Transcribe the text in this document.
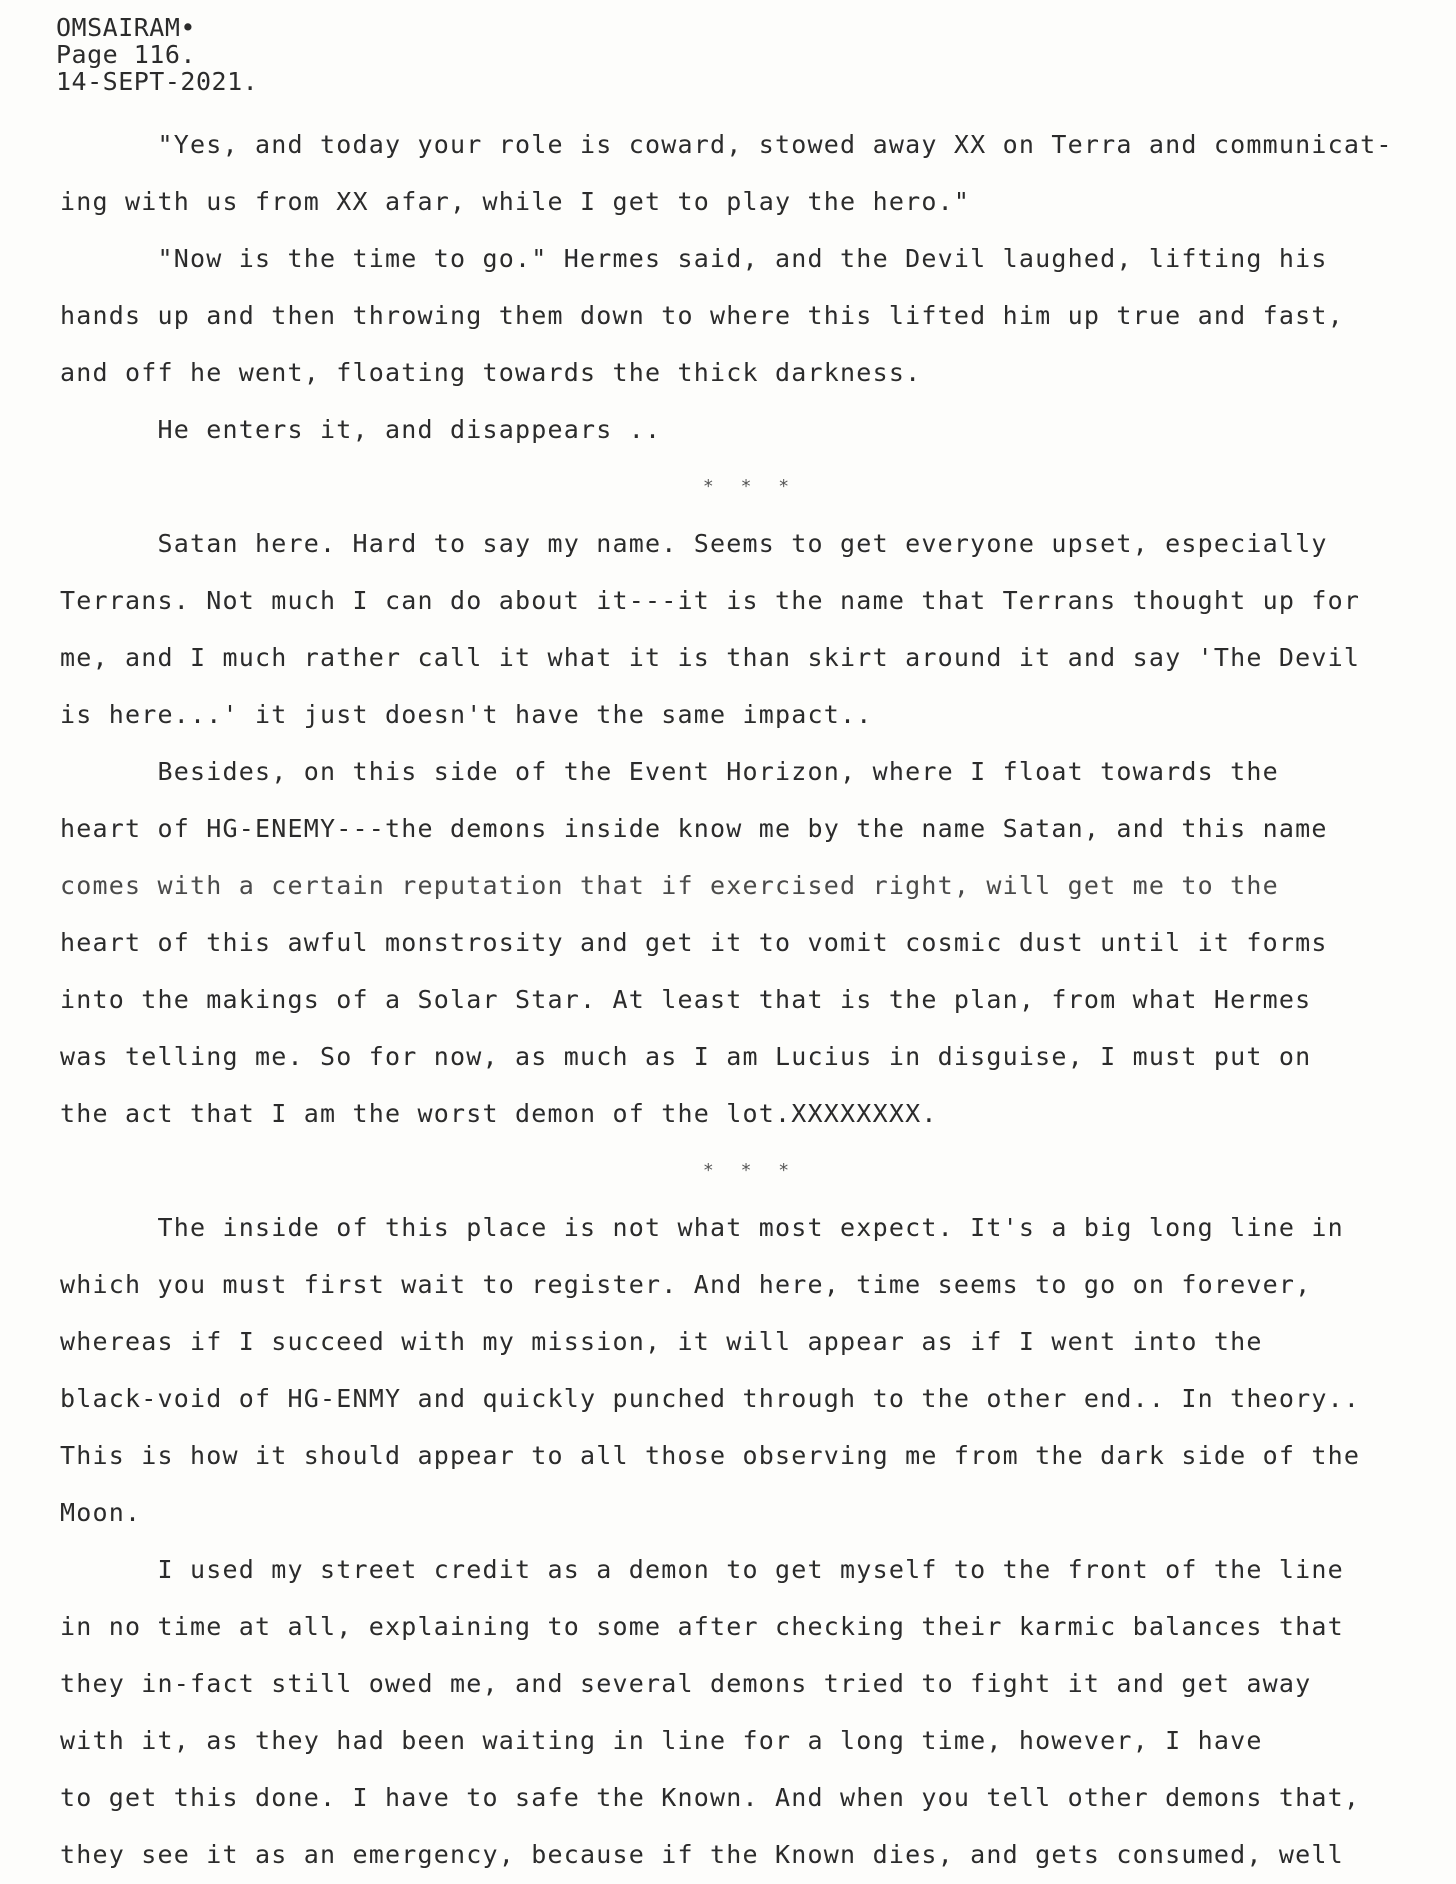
OMSAIRAM•
Page 116.
14-SEPT-2021.
"Yes, and today your role is coward, stowed away XX on Terra and communicat-
ing with us from XX afar, while I get to play the hero."
"Now is the time to go." Hermes said, and the Devil laughed, lifting his
hands up and then throwing them down to where this lifted him up true and fast,
and off he went, floating towards the thick darkness.
He enters it, and disappears ..
* * *
Satan here. Hard to say my name. Seems to get everyone upset, especially
Terrans. Not much I can do about it---it is the name that Terrans thought up for
me, and I much rather call it what it is than skirt around it and say 'The Devil
is here...' it just doesn't have the same impact..
Besides, on this side of the Event Horizon, where I float towards the
heart of HG-ENEMY---the demons inside know me by the name Satan, and this name
comes with a certain reputation that if exercised right, will get me to the
heart of this awful monstrosity and get it to vomit cosmic dust until it forms
into the makings of a Solar Star. At least that is the plan, from what Hermes
was telling me. So for now, as much as I am Lucius in disguise, I must put on
the act that I am the worst demon of the lot.XXXXXXXX.
* * *
The inside of this place is not what most expect. It's a big long line in
which you must first wait to register. And here, time seems to go on forever,
whereas if I succeed with my mission, it will appear as if I went into the
black-void of HG-ENMY and quickly punched through to the other end.. In theory..
This is how it should appear to all those observing me from the dark side of the
Moon.
I used my street credit as a demon to get myself to the front of the line
in no time at all, explaining to some after checking their karmic balances that
they in-fact still owed me, and several demons tried to fight it and get away
with it, as they had been waiting in line for a long time, however, I have
to get this done. I have to safe the Known. And when you tell other demons that,
they see it as an emergency, because if the Known dies, and gets consumed, well
